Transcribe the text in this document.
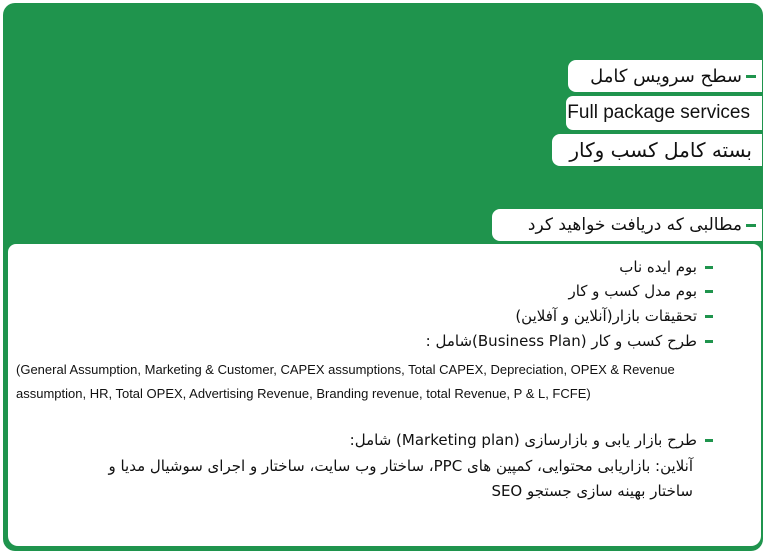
سطح سرویس کامل
Full package services
بسته کامل کسب وکار
مطالبی که دریافت خواهید کرد
بوم ایده ناب
بوم مدل کسب و کار
تحقیقات بازار(آنلاین و آفلاین)
طرح کسب و کار (Business Plan)شامل :
(General Assumption, Marketing & Customer, CAPEX assumptions, Total CAPEX, Depreciation, OPEX & Revenue
assumption, HR, Total OPEX, Advertising Revenue, Branding revenue, total Revenue, P & L, FCFE)
طرح بازار یابی و بازارسازی (Marketing plan) شامل:
آنلاین: بازاریابی محتوایی، کمپین های PPC، ساختار وب سایت، ساختار و اجرای سوشیال مدیا و
ساختار بهینه سازی جستجو SEO
